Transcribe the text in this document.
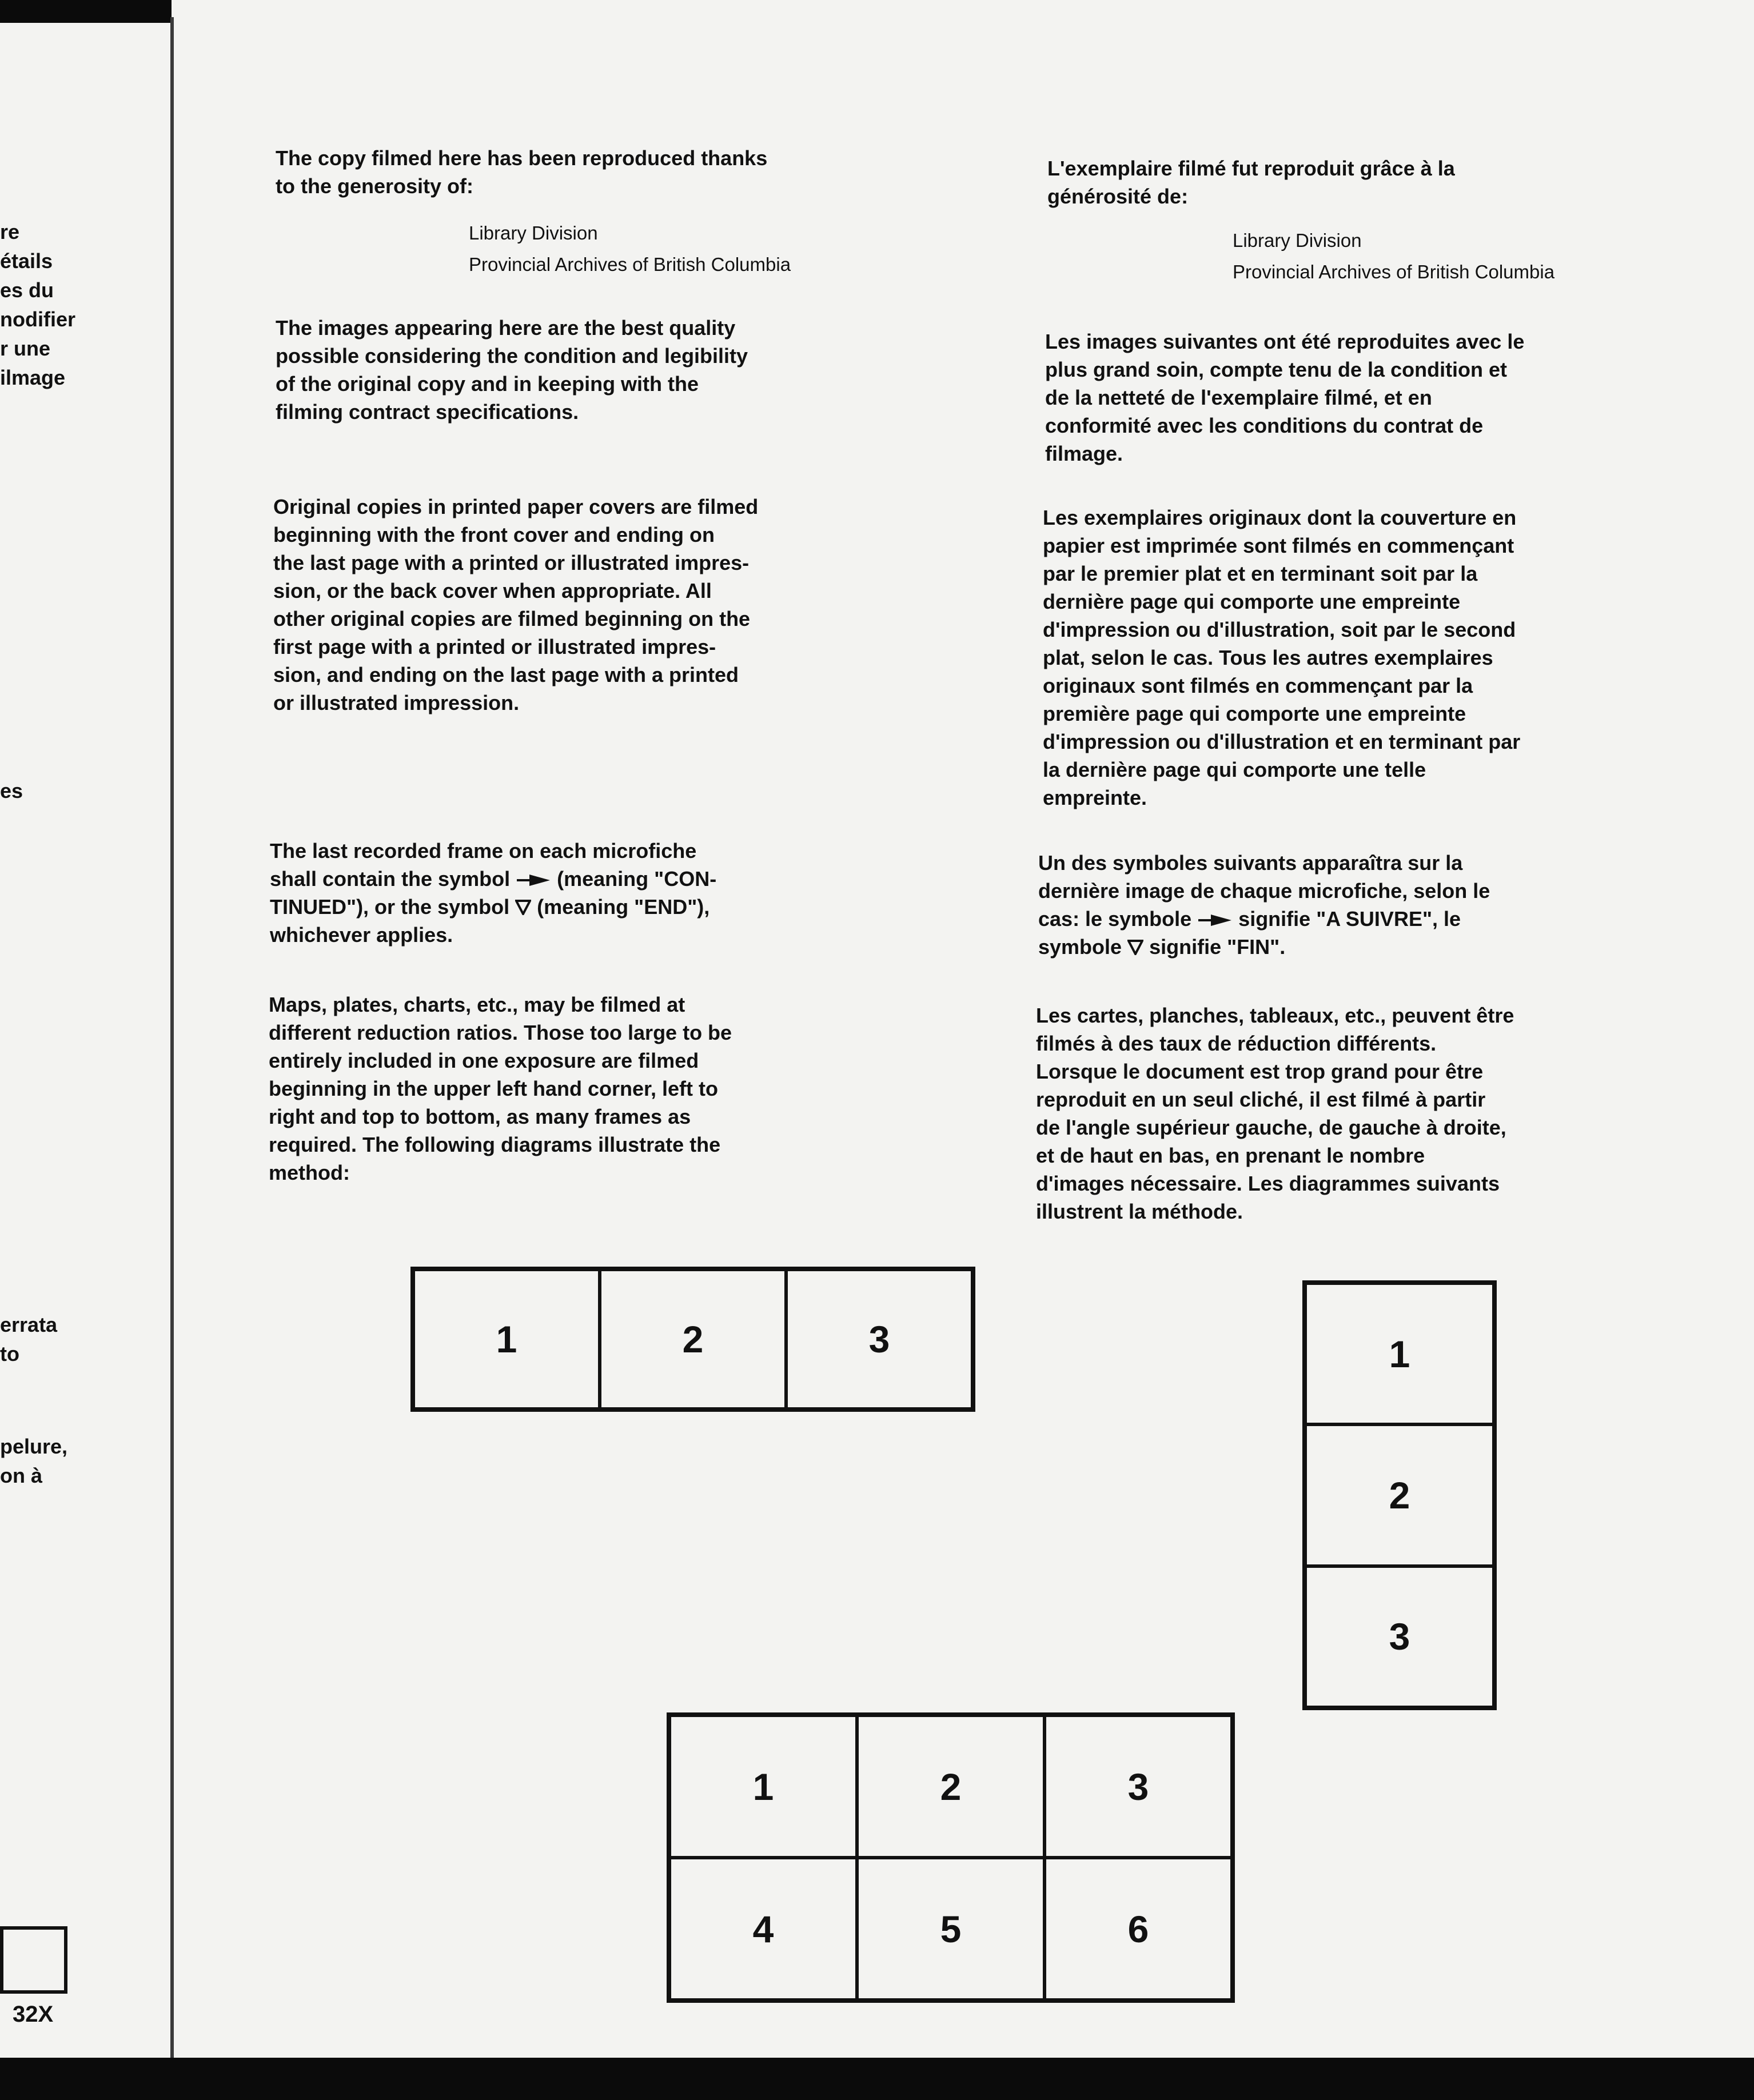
re
étails
es du
nodifier
r une
ilmage

es

errata
to

pelure,
on à

32X

The copy filmed here has been reproduced thanks
to the generosity of:

Library Division
Provincial Archives of British Columbia

The images appearing here are the best quality
possible considering the condition and legibility
of the original copy and in keeping with the
filming contract specifications.

Original copies in printed paper covers are filmed
beginning with the front cover and ending on
the last page with a printed or illustrated impres-
sion, or the back cover when appropriate. All
other original copies are filmed beginning on the
first page with a printed or illustrated impres-
sion, and ending on the last page with a printed
or illustrated impression.

The last recorded frame on each microfiche
shall contain the symbol (meaning "CON-
TINUED"), or the symbol (meaning "END"),
whichever applies.

Maps, plates, charts, etc., may be filmed at
different reduction ratios. Those too large to be
entirely included in one exposure are filmed
beginning in the upper left hand corner, left to
right and top to bottom, as many frames as
required. The following diagrams illustrate the
method:

L'exemplaire filmé fut reproduit grâce à la
générosité de:

Library Division
Provincial Archives of British Columbia

Les images suivantes ont été reproduites avec le
plus grand soin, compte tenu de la condition et
de la netteté de l'exemplaire filmé, et en
conformité avec les conditions du contrat de
filmage.

Les exemplaires originaux dont la couverture en
papier est imprimée sont filmés en commençant
par le premier plat et en terminant soit par la
dernière page qui comporte une empreinte
d'impression ou d'illustration, soit par le second
plat, selon le cas. Tous les autres exemplaires
originaux sont filmés en commençant par la
première page qui comporte une empreinte
d'impression ou d'illustration et en terminant par
la dernière page qui comporte une telle
empreinte.

Un des symboles suivants apparaîtra sur la
dernière image de chaque microfiche, selon le
cas: le symbole signifie "A SUIVRE", le
symbole signifie "FIN".

Les cartes, planches, tableaux, etc., peuvent être
filmés à des taux de réduction différents.
Lorsque le document est trop grand pour être
reproduit en un seul cliché, il est filmé à partir
de l'angle supérieur gauche, de gauche à droite,
et de haut en bas, en prenant le nombre
d'images nécessaire. Les diagrammes suivants
illustrent la méthode.

1	2	3	1
2
3
1	2	3
4	5	6
